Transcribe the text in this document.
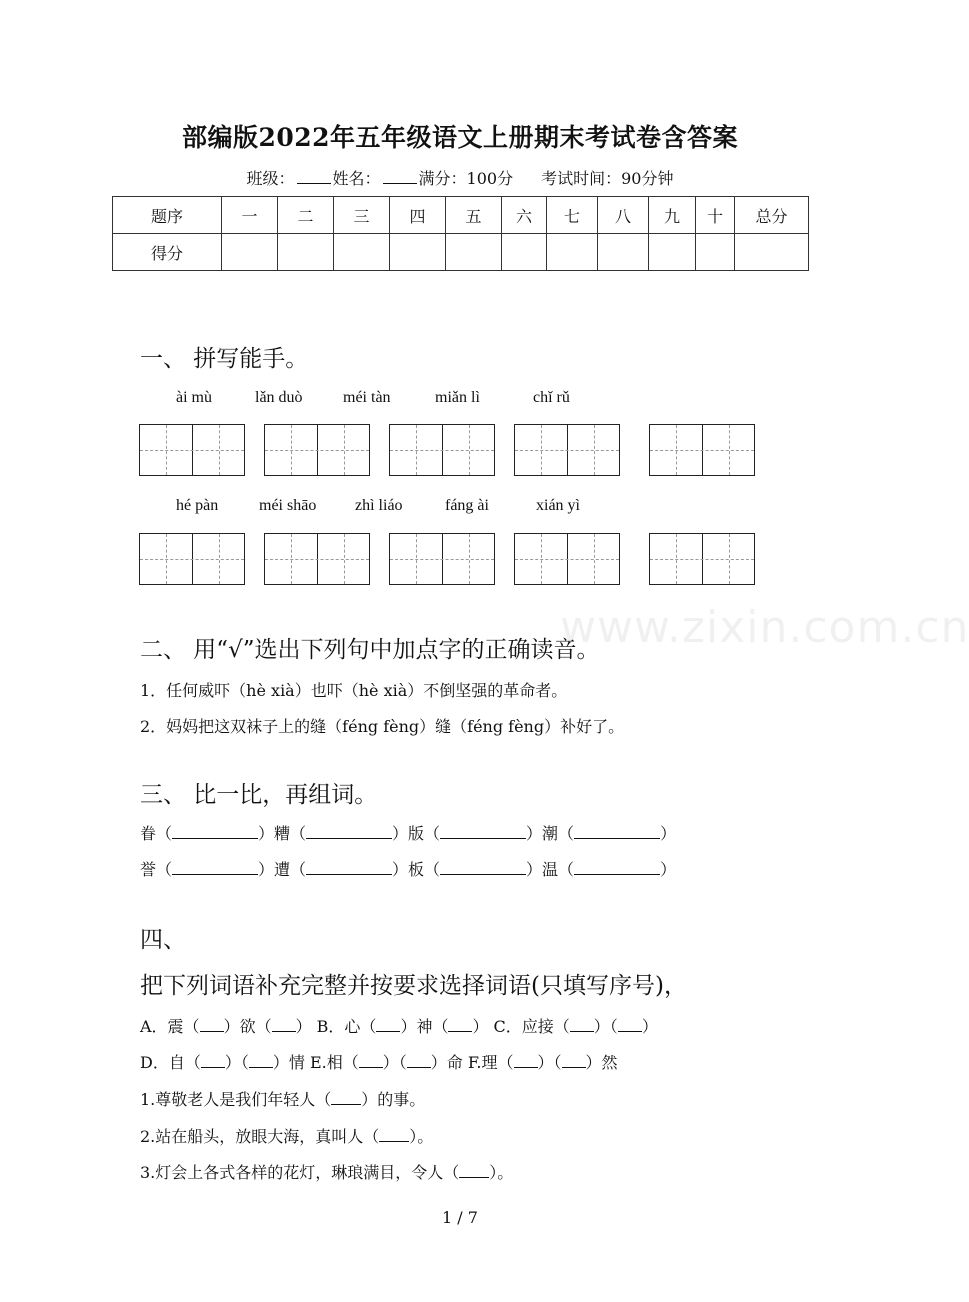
www.zixin.com.cn
部编版2022年五年级语文上册期末考试卷含答案
班级： 姓名： 满分：100分 考试时间：90分钟
题序	一	二	三	四	五	六	七	八	九	十	总分
得分											
一、 拼写能手。
ài mù	lǎn duò	méi tàn	miǎn lì	chǐ rǔ
hé pàn	méi shāo zhì liáo	fáng ài	xián yì
二、 用“√”选出下列句中加点字的正确读音。
1．任何威吓（hè xià）也吓（hè xià）不倒坚强的革命者。
2．妈妈把这双袜子上的缝（féng fèng）缝（féng fèng）补好了。
三、 比一比，再组词。
眷（	）糟（	）版（	）潮（	）
誉（	）遭（	）板（	）温（	）
四、
把下列词语补充完整并按要求选择词语(只填写序号)，
A．震（ ）欲（ ） B．心（ ）神（ ） C．应接（ ）（ ）
D．自（ ）（ ）情 E.相（ ）（ ）命 F.理（ ）（ ）然
1.尊敬老人是我们年轻人（ ）的事。
2.站在船头，放眼大海，真叫人（ ）。
3.灯会上各式各样的花灯，琳琅满目，令人（ ）。
1 / 7
